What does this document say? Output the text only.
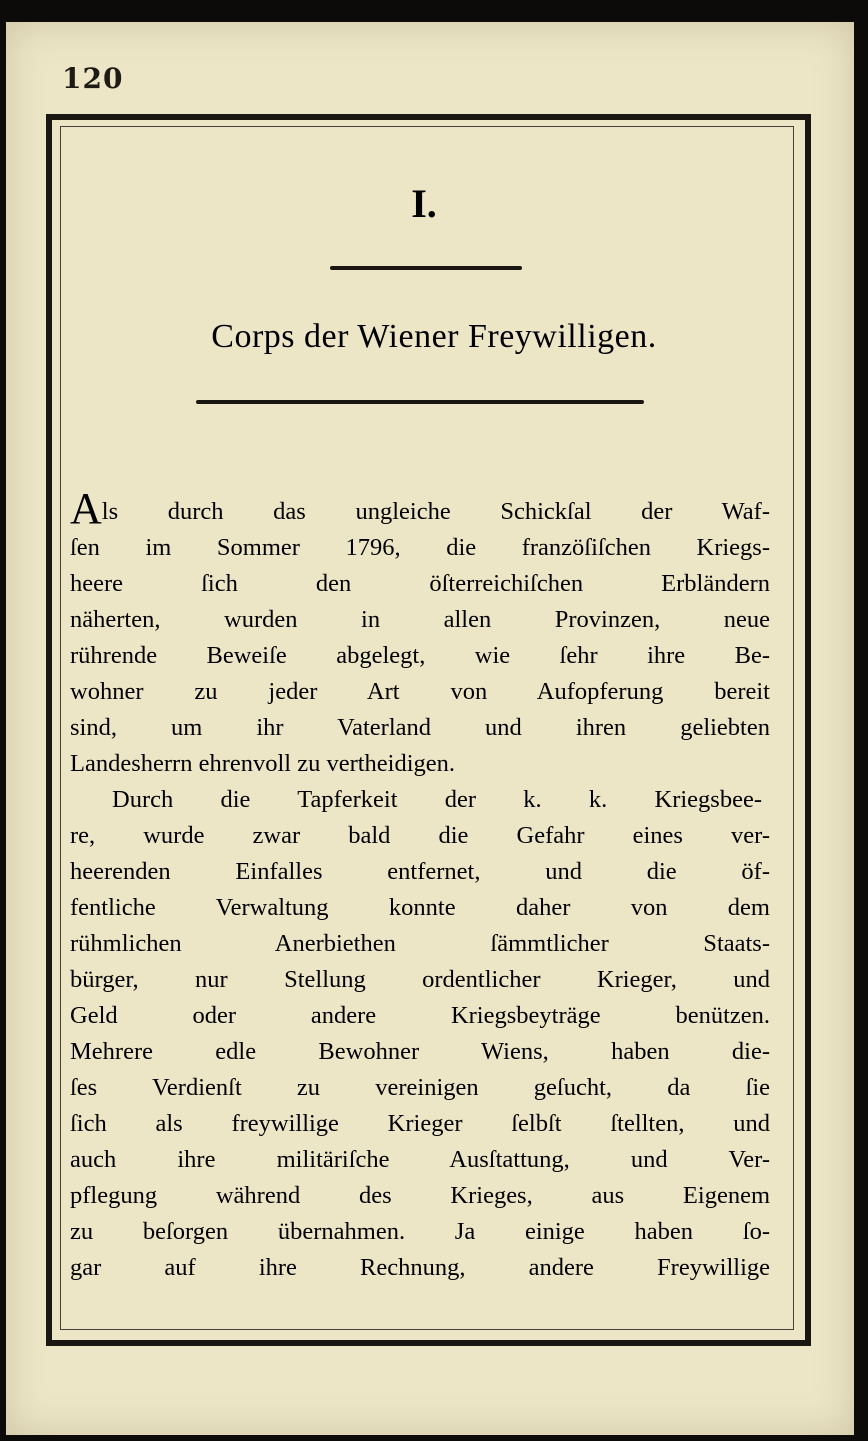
120
I.
Corps der Wiener Freywilligen.
Als durch das ungleiche Schickſal der Waf-
ſen im Sommer 1796, die franzöſiſchen Kriegs-
heere ſich den öſterreichiſchen Erbländern
näherten, wurden in allen Provinzen, neue
rührende Beweiſe abgelegt, wie ſehr ihre Be-
wohner zu jeder Art von Aufopferung bereit
sind, um ihr Vaterland und ihren geliebten
Landesherrn ehrenvoll zu vertheidigen.
Durch die Tapferkeit der k. k. Kriegsbee-
re, wurde zwar bald die Gefahr eines ver-
heerenden Einfalles entfernet, und die öf-
fentliche Verwaltung konnte daher von dem
rühmlichen Anerbiethen ſämmtlicher Staats-
bürger, nur Stellung ordentlicher Krieger, und
Geld oder andere Kriegsbeyträge benützen.
Mehrere edle Bewohner Wiens, haben die-
ſes Verdienſt zu vereinigen geſucht, da ſie
ſich als freywillige Krieger ſelbſt ſtellten, und
auch ihre militäriſche Ausſtattung, und Ver-
pflegung während des Krieges, aus Eigenem
zu beſorgen übernahmen. Ja einige haben ſo-
gar auf ihre Rechnung, andere Freywillige
